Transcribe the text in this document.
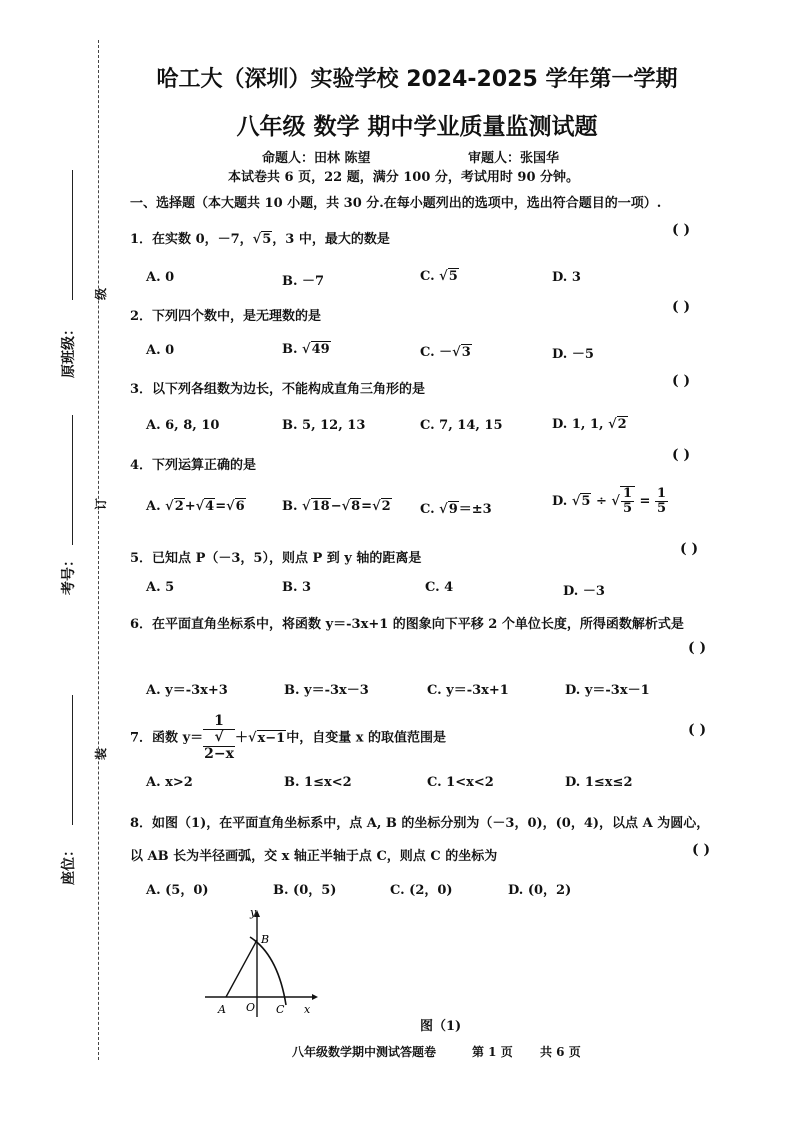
原班级：
考号：
座位：
级
订
装
哈工大（深圳）实验学校 2024-2025 学年第一学期
八年级 数学 期中学业质量监测试题
命题人：田林 陈望	审题人：张国华
本试卷共 6 页，22 题，满分 100 分，考试用时 90 分钟。
一、选择题（本大题共 10 小题，共 30 分.在每小题列出的选项中，选出符合题目的一项）.
1．在实数 0，－7，√5，3 中，最大的数是
( )
A. 0	B. －7	C. √5	D. 3
2．下列四个数中，是无理数的是
( )
A. 0	B. √49	C. －√3	D. －5
3．以下列各组数为边长，不能构成直角三角形的是
( )
A. 6, 8, 10	B. 5, 12, 13	C. 7, 14, 15	D. 1, 1, √2
4．下列运算正确的是
( )
A. √2+√4=√6	B. √18−√8=√2 C. √9＝±3
D. √5 ÷ √ $\frac{1}{5} = \frac{1}{5}$
5．已知点 P（－3，5），则点 P 到 y 轴的距离是
( )
A. 5	B. 3	C. 4	D. －3
6．在平面直角坐标系中，将函数 y＝-3x+1 的图象向下平移 2 个单位长度，所得函数解析式是
( )
A. y＝-3x+3	B. y＝-3x－3	C. y＝-3x+1	D. y＝-3x－1
7．函数 y＝ 1
√
2−x ＋√x−1中，自变量 x 的取值范围是
( )
A. x>2	B. 1≤x<2	C. 1<x<2	D. 1≤x≤2
8．如图（1)，在平面直角坐标系中，点 A, B 的坐标分别为（－3，0)，(0，4)，以点 A 为圆心，
以 AB 长为半径画弧，交 x 轴正半轴于点 C，则点 C 的坐标为	( )
A. (5，0)	B. (0，5)	C. (2，0)	D. (0，2)
y
x
A O
B
C
图（1)
八年级数学期中测试答题卷	第 1 页 共 6 页
